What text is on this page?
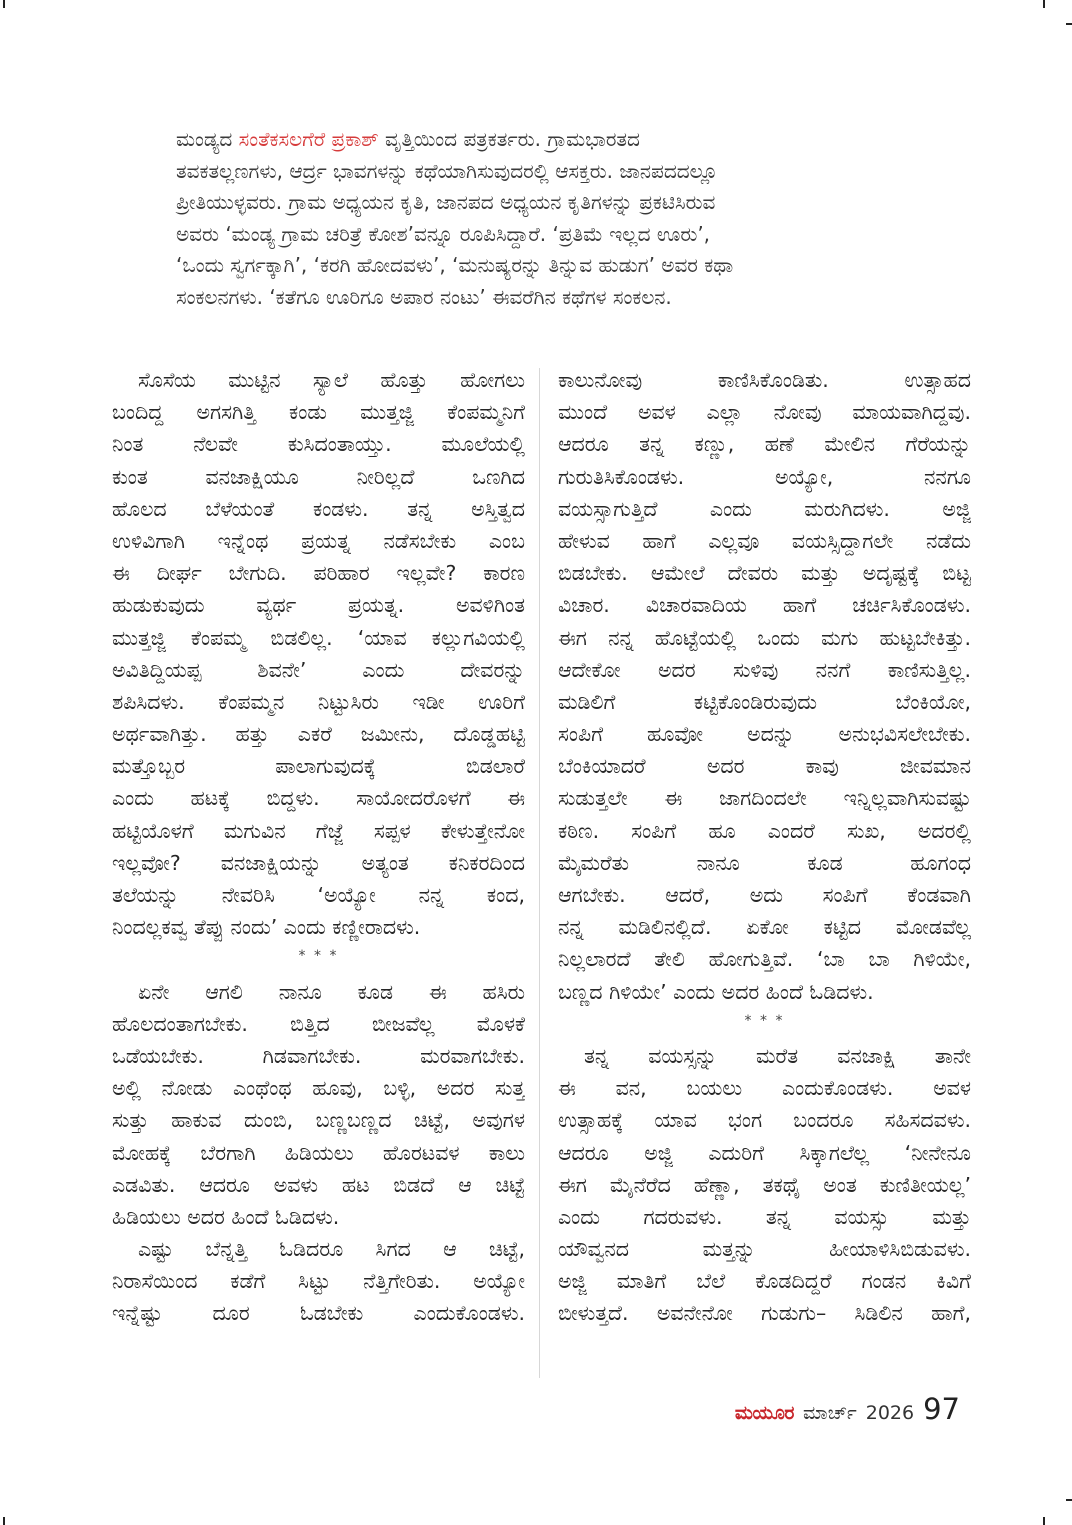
ಮಂಡ್ಯದ ಸಂತೆಕಸಲಗೆರೆ ಪ್ರಕಾಶ್ ವೃತ್ತಿಯಿಂದ ಪತ್ರಕರ್ತರು. ಗ್ರಾಮಭಾರತದ
ತವಕತಲ್ಲಣಗಳು, ಆರ್ದ್ರ ಭಾವಗಳನ್ನು ಕಥೆಯಾಗಿಸುವುದರಲ್ಲಿ ಆಸಕ್ತರು. ಜಾನಪದದಲ್ಲೂ
ಪ್ರೀತಿಯುಳ್ಳವರು. ಗ್ರಾಮ ಅಧ್ಯಯನ ಕೃತಿ, ಜಾನಪದ ಅಧ್ಯಯನ ಕೃತಿಗಳನ್ನು ಪ್ರಕಟಿಸಿರುವ
ಅವರು ‘ಮಂಡ್ಯ ಗ್ರಾಮ ಚರಿತ್ರೆ ಕೋಶ’ವನ್ನೂ ರೂಪಿಸಿದ್ದಾರೆ. ‘ಪ್ರತಿಮೆ ಇಲ್ಲದ ಊರು’,
‘ಒಂದು ಸ್ವರ್ಗಕ್ಕಾಗಿ’, ‘ಕರಗಿ ಹೋದವಳು’, ‘ಮನುಷ್ಯರನ್ನು ತಿನ್ನುವ ಹುಡುಗ’ ಅವರ ಕಥಾ
ಸಂಕಲನಗಳು. ‘ಕತೆಗೂ ಊರಿಗೂ ಅಪಾರ ನಂಟು’ ಈವರೆಗಿನ ಕಥೆಗಳ ಸಂಕಲನ.

ಸೊಸೆಯ ಮುಟ್ಟಿನ ಸ್ಯಾಲೆ ಹೊತ್ತು ಹೋಗಲು
ಬಂದಿದ್ದ ಅಗಸಗಿತ್ತಿ ಕಂಡು ಮುತ್ತಜ್ಜಿ ಕೆಂಪಮ್ಮನಿಗೆ
ನಿಂತ ನೆಲವೇ ಕುಸಿದಂತಾಯ್ತು. ಮೂಲೆಯಲ್ಲಿ
ಕುಂತ ವನಜಾಕ್ಷಿಯೂ ನೀರಿಲ್ಲದೆ ಒಣಗಿದ
ಹೊಲದ ಬೆಳೆಯಂತೆ ಕಂಡಳು. ತನ್ನ ಅಸ್ತಿತ್ವದ
ಉಳಿವಿಗಾಗಿ ಇನ್ನೆಂಥ ಪ್ರಯತ್ನ ನಡೆಸಬೇಕು ಎಂಬ
ಈ ದೀರ್ಘ ಬೇಗುದಿ. ಪರಿಹಾರ ಇಲ್ಲವೇ? ಕಾರಣ
ಹುಡುಕುವುದು ವ್ಯರ್ಥ ಪ್ರಯತ್ನ. ಅವಳಿಗಿಂತ
ಮುತ್ತಜ್ಜಿ ಕೆಂಪಮ್ಮ ಬಿಡಲಿಲ್ಲ. ‘ಯಾವ ಕಲ್ಲುಗವಿಯಲ್ಲಿ
ಅವಿತಿದ್ದಿಯಪ್ಪ ಶಿವನೇ’ ಎಂದು ದೇವರನ್ನು
ಶಪಿಸಿದಳು. ಕೆಂಪಮ್ಮನ ನಿಟ್ಟುಸಿರು ಇಡೀ ಊರಿಗೆ
ಅರ್ಥವಾಗಿತ್ತು. ಹತ್ತು ಎಕರೆ ಜಮೀನು, ದೊಡ್ಡಹಟ್ಟಿ
ಮತ್ತೊಬ್ಬರ ಪಾಲಾಗುವುದಕ್ಕೆ ಬಿಡಲಾರೆ
ಎಂದು ಹಟಕ್ಕೆ ಬಿದ್ದಳು. ಸಾಯೋದರೊಳಗೆ ಈ
ಹಟ್ಟಿಯೊಳಗೆ ಮಗುವಿನ ಗೆಜ್ಜೆ ಸಪ್ಪಳ ಕೇಳುತ್ತೇನೋ
ಇಲ್ಲವೋ? ವನಜಾಕ್ಷಿಯನ್ನು ಅತ್ಯಂತ ಕನಿಕರದಿಂದ
ತಲೆಯನ್ನು ನೇವರಿಸಿ ‘ಅಯ್ಯೋ ನನ್ನ ಕಂದ,
ನಿಂದಲ್ಲಕವ್ವ ತೆಪ್ಪು ನಂದು’ ಎಂದು ಕಣ್ಣೀರಾದಳು.
* * *
ಏನೇ ಆಗಲಿ ನಾನೂ ಕೂಡ ಈ ಹಸಿರು
ಹೊಲದಂತಾಗಬೇಕು. ಬಿತ್ತಿದ ಬೀಜವೆಲ್ಲ ಮೊಳಕೆ
ಒಡೆಯಬೇಕು. ಗಿಡವಾಗಬೇಕು. ಮರವಾಗಬೇಕು.
ಅಲ್ಲಿ ನೋಡು ಎಂಥೆಂಥ ಹೂವು, ಬಳ್ಳಿ, ಅದರ ಸುತ್ತ
ಸುತ್ತು ಹಾಕುವ ದುಂಬಿ, ಬಣ್ಣಬಣ್ಣದ ಚಿಟ್ಟೆ, ಅವುಗಳ
ಮೋಹಕ್ಕೆ ಬೆರಗಾಗಿ ಹಿಡಿಯಲು ಹೊರಟವಳ ಕಾಲು
ಎಡವಿತು. ಆದರೂ ಅವಳು ಹಟ ಬಿಡದೆ ಆ ಚಿಟ್ಟೆ
ಹಿಡಿಯಲು ಅದರ ಹಿಂದೆ ಓಡಿದಳು.
ಎಷ್ಟು ಬೆನ್ನತ್ತಿ ಓಡಿದರೂ ಸಿಗದ ಆ ಚಿಟ್ಟೆ,
ನಿರಾಸೆಯಿಂದ ಕಡೆಗೆ ಸಿಟ್ಟು ನೆತ್ತಿಗೇರಿತು. ಅಯ್ಯೋ
ಇನ್ನೆಷ್ಟು ದೂರ ಓಡಬೇಕು ಎಂದುಕೊಂಡಳು.
ಕಾಲುನೋವು ಕಾಣಿಸಿಕೊಂಡಿತು. ಉತ್ಸಾಹದ
ಮುಂದೆ ಅವಳ ಎಲ್ಲಾ ನೋವು ಮಾಯವಾಗಿದ್ದವು.
ಆದರೂ ತನ್ನ ಕಣ್ಣು, ಹಣೆ ಮೇಲಿನ ಗೆರೆಯನ್ನು
ಗುರುತಿಸಿಕೊಂಡಳು. ಅಯ್ಯೋ, ನನಗೂ
ವಯಸ್ಸಾಗುತ್ತಿದೆ ಎಂದು ಮರುಗಿದಳು. ಅಜ್ಜಿ
ಹೇಳುವ ಹಾಗೆ ಎಲ್ಲವೂ ವಯಸ್ಸಿದ್ದಾಗಲೇ ನಡೆದು
ಬಿಡಬೇಕು. ಆಮೇಲೆ ದೇವರು ಮತ್ತು ಅದೃಷ್ಟಕ್ಕೆ ಬಿಟ್ಟ
ವಿಚಾರ. ವಿಚಾರವಾದಿಯ ಹಾಗೆ ಚರ್ಚಿಸಿಕೊಂಡಳು.
ಈಗ ನನ್ನ ಹೊಟ್ಟೆಯಲ್ಲಿ ಒಂದು ಮಗು ಹುಟ್ಟಬೇಕಿತ್ತು.
ಆದೇಕೋ ಅದರ ಸುಳಿವು ನನಗೆ ಕಾಣಿಸುತ್ತಿಲ್ಲ.
ಮಡಿಲಿಗೆ ಕಟ್ಟಿಕೊಂಡಿರುವುದು ಬೆಂಕಿಯೋ,
ಸಂಪಿಗೆ ಹೂವೋ ಅದನ್ನು ಅನುಭವಿಸಲೇಬೇಕು.
ಬೆಂಕಿಯಾದರೆ ಅದರ ಕಾವು ಜೀವಮಾನ
ಸುಡುತ್ತಲೇ ಈ ಜಾಗದಿಂದಲೇ ಇನ್ನಿಲ್ಲವಾಗಿಸುವಷ್ಟು
ಕಠಿಣ. ಸಂಪಿಗೆ ಹೂ ಎಂದರೆ ಸುಖ, ಅದರಲ್ಲಿ
ಮೈಮರೆತು ನಾನೂ ಕೂಡ ಹೂಗಂಧ
ಆಗಬೇಕು. ಆದರೆ, ಅದು ಸಂಪಿಗೆ ಕೆಂಡವಾಗಿ
ನನ್ನ ಮಡಿಲಿನಲ್ಲಿದೆ. ಏಕೋ ಕಟ್ಟಿದ ಮೋಡವೆಲ್ಲ
ನಿಲ್ಲಲಾರದೆ ತೇಲಿ ಹೋಗುತ್ತಿವೆ. ‘ಬಾ ಬಾ ಗಿಳಿಯೇ,
ಬಣ್ಣದ ಗಿಳಿಯೇ’ ಎಂದು ಅದರ ಹಿಂದೆ ಓಡಿದಳು.
* * *
ತನ್ನ ವಯಸ್ಸನ್ನು ಮರೆತ ವನಜಾಕ್ಷಿ ತಾನೇ
ಈ ವನ, ಬಯಲು ಎಂದುಕೊಂಡಳು. ಅವಳ
ಉತ್ಸಾಹಕ್ಕೆ ಯಾವ ಭಂಗ ಬಂದರೂ ಸಹಿಸದವಳು.
ಆದರೂ ಅಜ್ಜಿ ಎದುರಿಗೆ ಸಿಕ್ಕಾಗಲೆಲ್ಲ ‘ನೀನೇನೂ
ಈಗ ಮೈನೆರೆದ ಹೆಣ್ಣಾ, ತಕಥೈ ಅಂತ ಕುಣಿತೀಯಲ್ಲ’
ಎಂದು ಗದರುವಳು. ತನ್ನ ವಯಸ್ಸು ಮತ್ತು
ಯೌವ್ವನದ ಮತ್ತನ್ನು ಹೀಯಾಳಿಸಿಬಿಡುವಳು.
ಅಜ್ಜಿ ಮಾತಿಗೆ ಬೆಲೆ ಕೊಡದಿದ್ದರೆ ಗಂಡನ ಕಿವಿಗೆ
ಬೀಳುತ್ತದೆ. ಅವನೇನೋ ಗುಡುಗು– ಸಿಡಿಲಿನ ಹಾಗೆ,
ಮಯೂರ ಮಾರ್ಚ್ 2026 97
